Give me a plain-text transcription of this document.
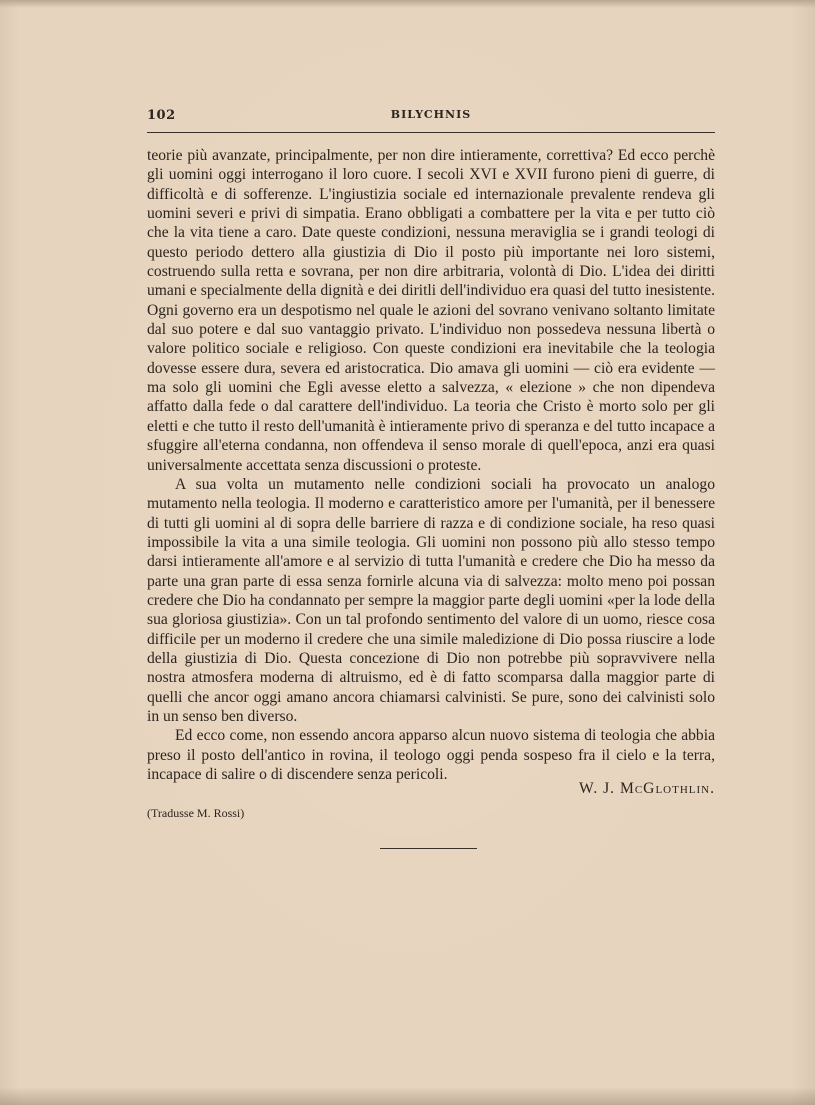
102	BILYCHNIS

teorie più avanzate, principalmente, per non dire intieramente, correttiva? Ed ecco perchè gli uomini oggi interrogano il loro cuore. I secoli XVI e XVII furono pieni di guerre, di difficoltà e di sofferenze. L'ingiustizia sociale ed internazionale prevalente rendeva gli uomini severi e privi di simpatia. Erano obbligati a combattere per la vita e per tutto ciò che la vita tiene a caro. Date queste condizioni, nessuna meraviglia se i grandi teologi di questo periodo dettero alla giustizia di Dio il posto più importante nei loro sistemi, costruendo sulla retta e sovrana, per non dire arbitraria, volontà di Dio. L'idea dei diritti umani e specialmente della dignità e dei diritli dell'individuo era quasi del tutto inesistente. Ogni governo era un despotismo nel quale le azioni del sovrano venivano soltanto limitate dal suo potere e dal suo vantaggio privato. L'individuo non possedeva nessuna libertà o valore politico sociale e religioso. Con queste condizioni era inevitabile che la teologia dovesse essere dura, severa ed aristocratica. Dio amava gli uomini — ciò era evidente — ma solo gli uomini che Egli avesse eletto a salvezza, « elezione » che non dipendeva affatto dalla fede o dal carattere dell'individuo. La teoria che Cristo è morto solo per gli eletti e che tutto il resto dell'umanità è intieramente privo di speranza e del tutto incapace a sfuggire all'eterna condanna, non offendeva il senso morale di quell'epoca, anzi era quasi universalmente accettata senza discussioni o proteste.

A sua volta un mutamento nelle condizioni sociali ha provocato un analogo mutamento nella teologia. Il moderno e caratteristico amore per l'umanità, per il benessere di tutti gli uomini al di sopra delle barriere di razza e di condizione sociale, ha reso quasi impossibile la vita a una simile teologia. Gli uomini non possono più allo stesso tempo darsi intieramente all'amore e al servizio di tutta l'umanità e credere che Dio ha messo da parte una gran parte di essa senza fornirle alcuna via di salvezza: molto meno poi possan credere che Dio ha condannato per sempre la maggior parte degli uomini «per la lode della sua gloriosa giustizia». Con un tal profondo sentimento del valore di un uomo, riesce cosa difficile per un moderno il credere che una simile maledizione di Dio possa riuscire a lode della giustizia di Dio. Questa concezione di Dio non potrebbe più sopravvivere nella nostra atmosfera moderna di altruismo, ed è di fatto scomparsa dalla maggior parte di quelli che ancor oggi amano ancora chiamarsi calvinisti. Se pure, sono dei calvinisti solo in un senso ben diverso.

Ed ecco come, non essendo ancora apparso alcun nuovo sistema di teologia che abbia preso il posto dell'antico in rovina, il teologo oggi penda sospeso fra il cielo e la terra, incapace di salire o di discendere senza pericoli.

W. J. McGlothlin.
(Tradusse M. Rossi)
